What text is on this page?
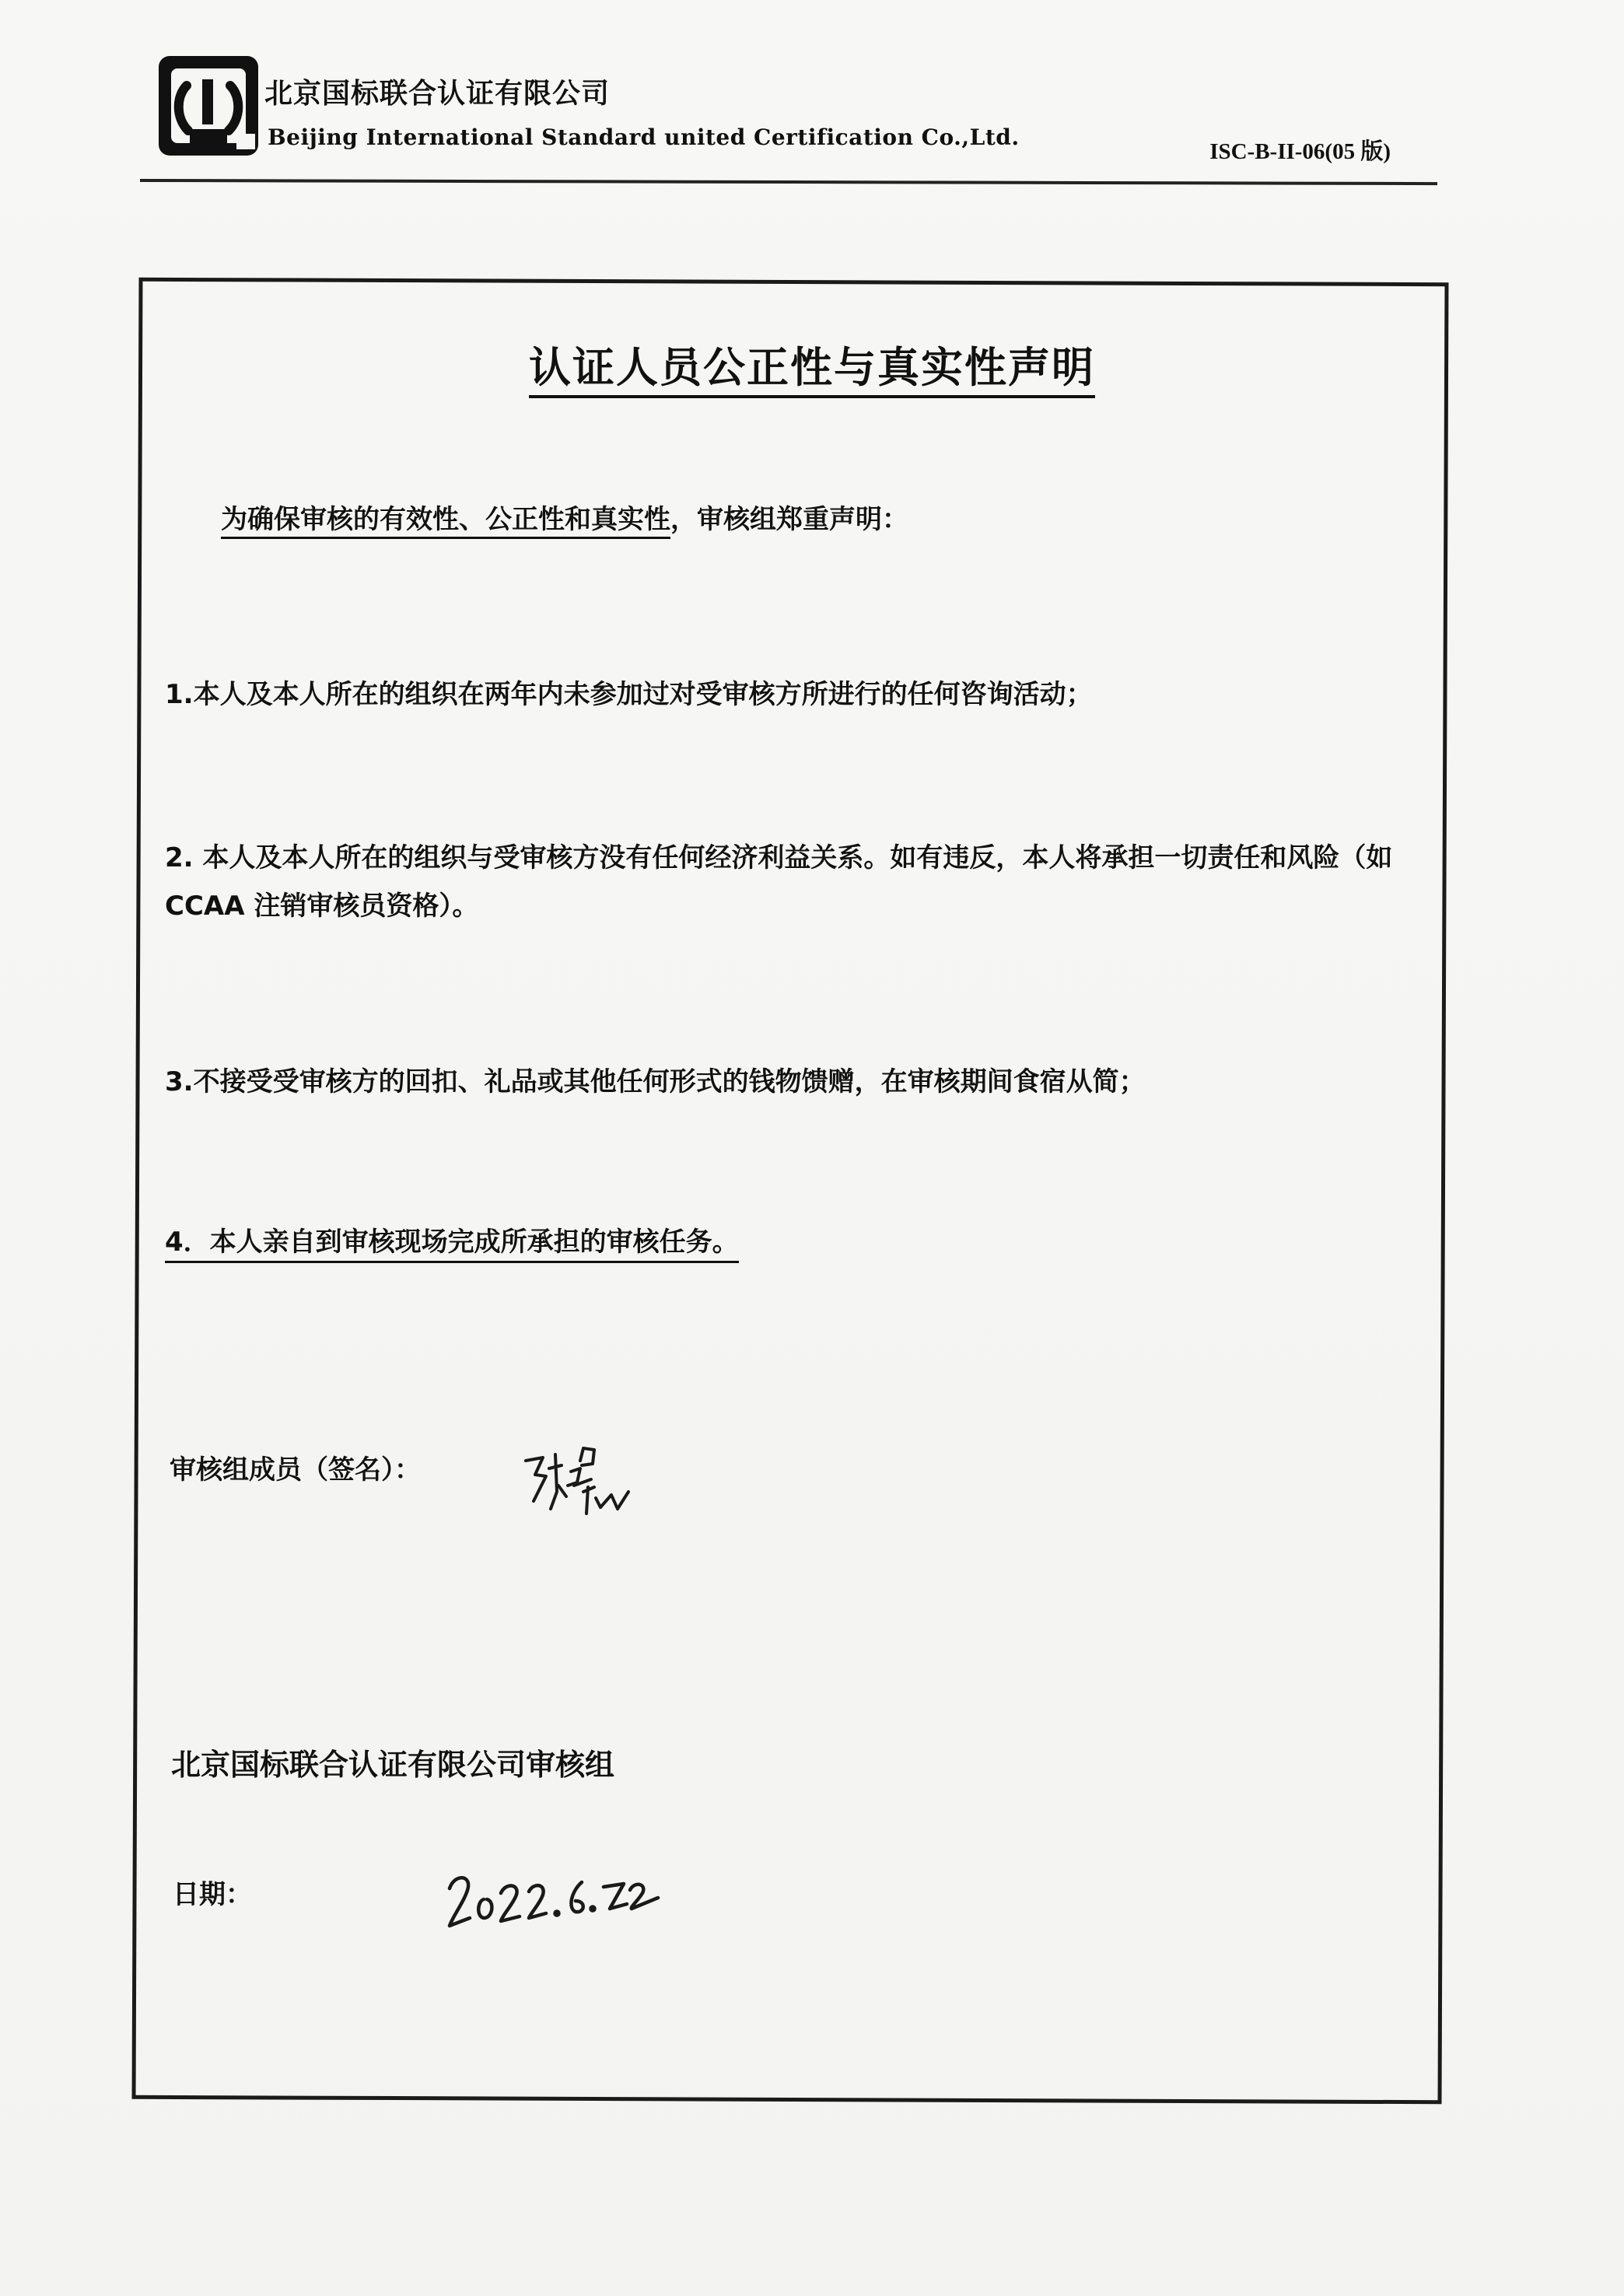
北京国标联合认证有限公司
Beijing International Standard united Certification Co.,Ltd.
ISC-B-II-06(05 版)
认证人员公正性与真实性声明
为确保审核的有效性、公正性和真实性，审核组郑重声明：
1.本人及本人所在的组织在两年内未参加过对受审核方所进行的任何咨询活动；
2. 本人及本人所在的组织与受审核方没有任何经济利益关系。如有违反，本人将承担一切责任和风险（如 CCAA 注销审核员资格）。
3.不接受受审核方的回扣、礼品或其他任何形式的钱物馈赠，在审核期间食宿从简；
4．本人亲自到审核现场完成所承担的审核任务。
审核组成员（签名）：
北京国标联合认证有限公司审核组
日期：
